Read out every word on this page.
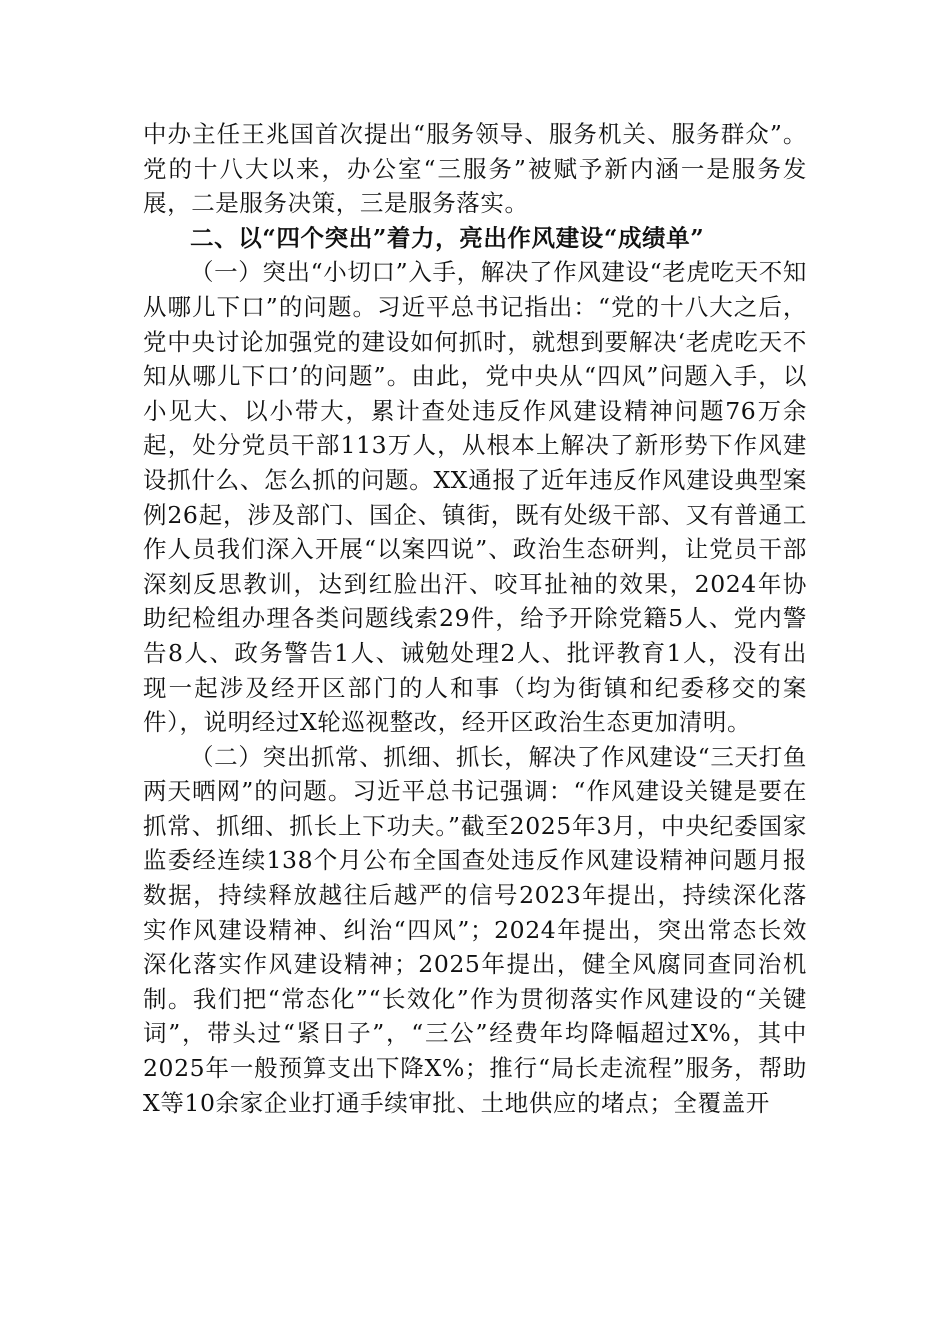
中办主任王兆国首次提出“服务领导、服务机关、服务群众”。党的十八大以来，办公室“三服务”被赋予新内涵一是服务发展，二是服务决策，三是服务落实。

二、以“四个突出”着力，亮出作风建设“成绩单”

（一）突出“小切口”入手，解决了作风建设“老虎吃天不知从哪儿下口”的问题。习近平总书记指出：“党的十八大之后，党中央讨论加强党的建设如何抓时，就想到要解决‘老虎吃天不知从哪儿下口’的问题”。由此，党中央从“四风”问题入手，以小见大、以小带大，累计查处违反作风建设精神问题76万余起，处分党员干部113万人，从根本上解决了新形势下作风建设抓什么、怎么抓的问题。XX通报了近年违反作风建设典型案例26起，涉及部门、国企、镇街，既有处级干部、又有普通工作人员我们深入开展“以案四说”、政治生态研判，让党员干部深刻反思教训，达到红脸出汗、咬耳扯袖的效果，2024年协助纪检组办理各类问题线索29件，给予开除党籍5人、党内警告8人、政务警告1人、诫勉处理2人、批评教育1人，没有出现一起涉及经开区部门的人和事（均为街镇和纪委移交的案件），说明经过X轮巡视整改，经开区政治生态更加清明。

（二）突出抓常、抓细、抓长，解决了作风建设“三天打鱼两天晒网”的问题。习近平总书记强调：“作风建设关键是要在抓常、抓细、抓长上下功夫。”截至2025年3月，中央纪委国家监委经连续138个月公布全国查处违反作风建设精神问题月报数据，持续释放越往后越严的信号2023年提出，持续深化落实作风建设精神、纠治“四风”；2024年提出，突出常态长效深化落实作风建设精神；2025年提出，健全风腐同查同治机制。我们把“常态化”“长效化”作为贯彻落实作风建设的“关键词”，带头过“紧日子”，“三公”经费年均降幅超过X%，其中2025年一般预算支出下降X%；推行“局长走流程”服务，帮助X等10余家企业打通手续审批、土地供应的堵点；全覆盖开
